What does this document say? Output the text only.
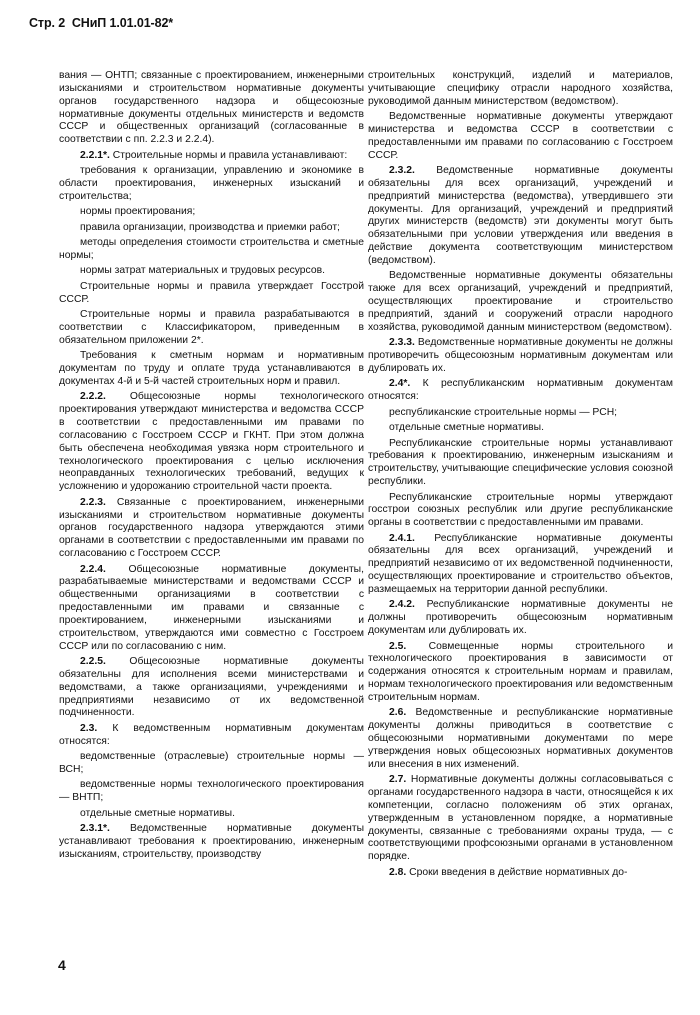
Стр. 2 СНиП 1.01.01-82*

вания — ОНТП; связанные с проектированием, инженерными изысканиями и строительством нормативные документы органов государственного надзора и общесоюзные нормативные документы отдельных министерств и ведомств СССР и общественных организаций (согласованные в соответствии с пп. 2.2.3 и 2.2.4).

2.2.1*. Строительные нормы и правила устанавливают:

требования к организации, управлению и экономике в области проектирования, инженерных изысканий и строительства;

нормы проектирования;

правила организации, производства и приемки работ;

методы определения стоимости строительства и сметные нормы;

нормы затрат материальных и трудовых ресурсов.

Строительные нормы и правила утверждает Госстрой СССР.

Строительные нормы и правила разрабатываются в соответствии с Классификатором, приведенным в обязательном приложении 2*.

Требования к сметным нормам и нормативным документам по труду и оплате труда устанавливаются в документах 4-й и 5-й частей строительных норм и правил.

2.2.2. Общесоюзные нормы технологического проектирования утверждают министерства и ведомства СССР в соответствии с предоставленными им правами по согласованию с Госстроем СССР и ГКНТ. При этом должна быть обеспечена необходимая увязка норм строительного и технологического проектирования с целью исключения неоправданных технологических требований, ведущих к усложнению и удорожанию строительной части проекта.

2.2.3. Связанные с проектированием, инженерными изысканиями и строительством нормативные документы органов государственного надзора утверждаются этими органами в соответствии с предоставленными им правами по согласованию с Госстроем СССР.

2.2.4. Общесоюзные нормативные документы, разрабатываемые министерствами и ведомствами СССР и общественными организациями в соответствии с предоставленными им правами и связанные с проектированием, инженерными изысканиями и строительством, утверждаются ими совместно с Госстроем СССР или по согласованию с ним.

2.2.5. Общесоюзные нормативные документы обязательны для исполнения всеми министерствами и ведомствами, а также организациями, учреждениями и предприятиями независимо от их ведомственной подчиненности.

2.3. К ведомственным нормативным документам относятся:

ведомственные (отраслевые) строительные нормы — ВСН;

ведомственные нормы технологического проектирования — ВНТП;

отдельные сметные нормативы.

2.3.1*. Ведомственные нормативные документы устанавливают требования к проектированию, инженерным изысканиям, строительству, производству

строительных конструкций, изделий и материалов, учитывающие специфику отрасли народного хозяйства, руководимой данным министерством (ведомством).

Ведомственные нормативные документы утверждают министерства и ведомства СССР в соответствии с предоставленными им правами по согласованию с Госстроем СССР.

2.3.2. Ведомственные нормативные документы обязательны для всех организаций, учреждений и предприятий министерства (ведомства), утвердившего эти документы. Для организаций, учреждений и предприятий других министерств (ведомств) эти документы могут быть обязательными при условии утверждения или введения в действие документа соответствующим министерством (ведомством).

Ведомственные нормативные документы обязательны также для всех организаций, учреждений и предприятий, осуществляющих проектирование и строительство предприятий, зданий и сооружений отрасли народного хозяйства, руководимой данным министерством (ведомством).

2.3.3. Ведомственные нормативные документы не должны противоречить общесоюзным нормативным документам или дублировать их.

2.4*. К республиканским нормативным документам относятся:

республиканские строительные нормы — РСН;

отдельные сметные нормативы.

Республиканские строительные нормы устанавливают требования к проектированию, инженерным изысканиям и строительству, учитывающие специфические условия союзной республики.

Республиканские строительные нормы утверждают госстрои союзных республик или другие республиканские органы в соответствии с предоставленными им правами.

2.4.1. Республиканские нормативные документы обязательны для всех организаций, учреждений и предприятий независимо от их ведомственной подчиненности, осуществляющих проектирование и строительство объектов, размещаемых на территории данной республики.

2.4.2. Республиканские нормативные документы не должны противоречить общесоюзным нормативным документам или дублировать их.

2.5. Совмещенные нормы строительного и технологического проектирования в зависимости от содержания относятся к строительным нормам и правилам, нормам технологического проектирования или ведомственным строительным нормам.

2.6. Ведомственные и республиканские нормативные документы должны приводиться в соответствие с общесоюзными нормативными документами по мере утверждения новых общесоюзных нормативных документов или внесения в них изменений.

2.7. Нормативные документы должны согласовываться с органами государственного надзора в части, относящейся к их компетенции, согласно положениям об этих органах, утвержденным в установленном порядке, а нормативные документы, связанные с требованиями охраны труда, — с соответствующими профсоюзными органами в установленном порядке.

2.8. Сроки введения в действие нормативных до-

4
